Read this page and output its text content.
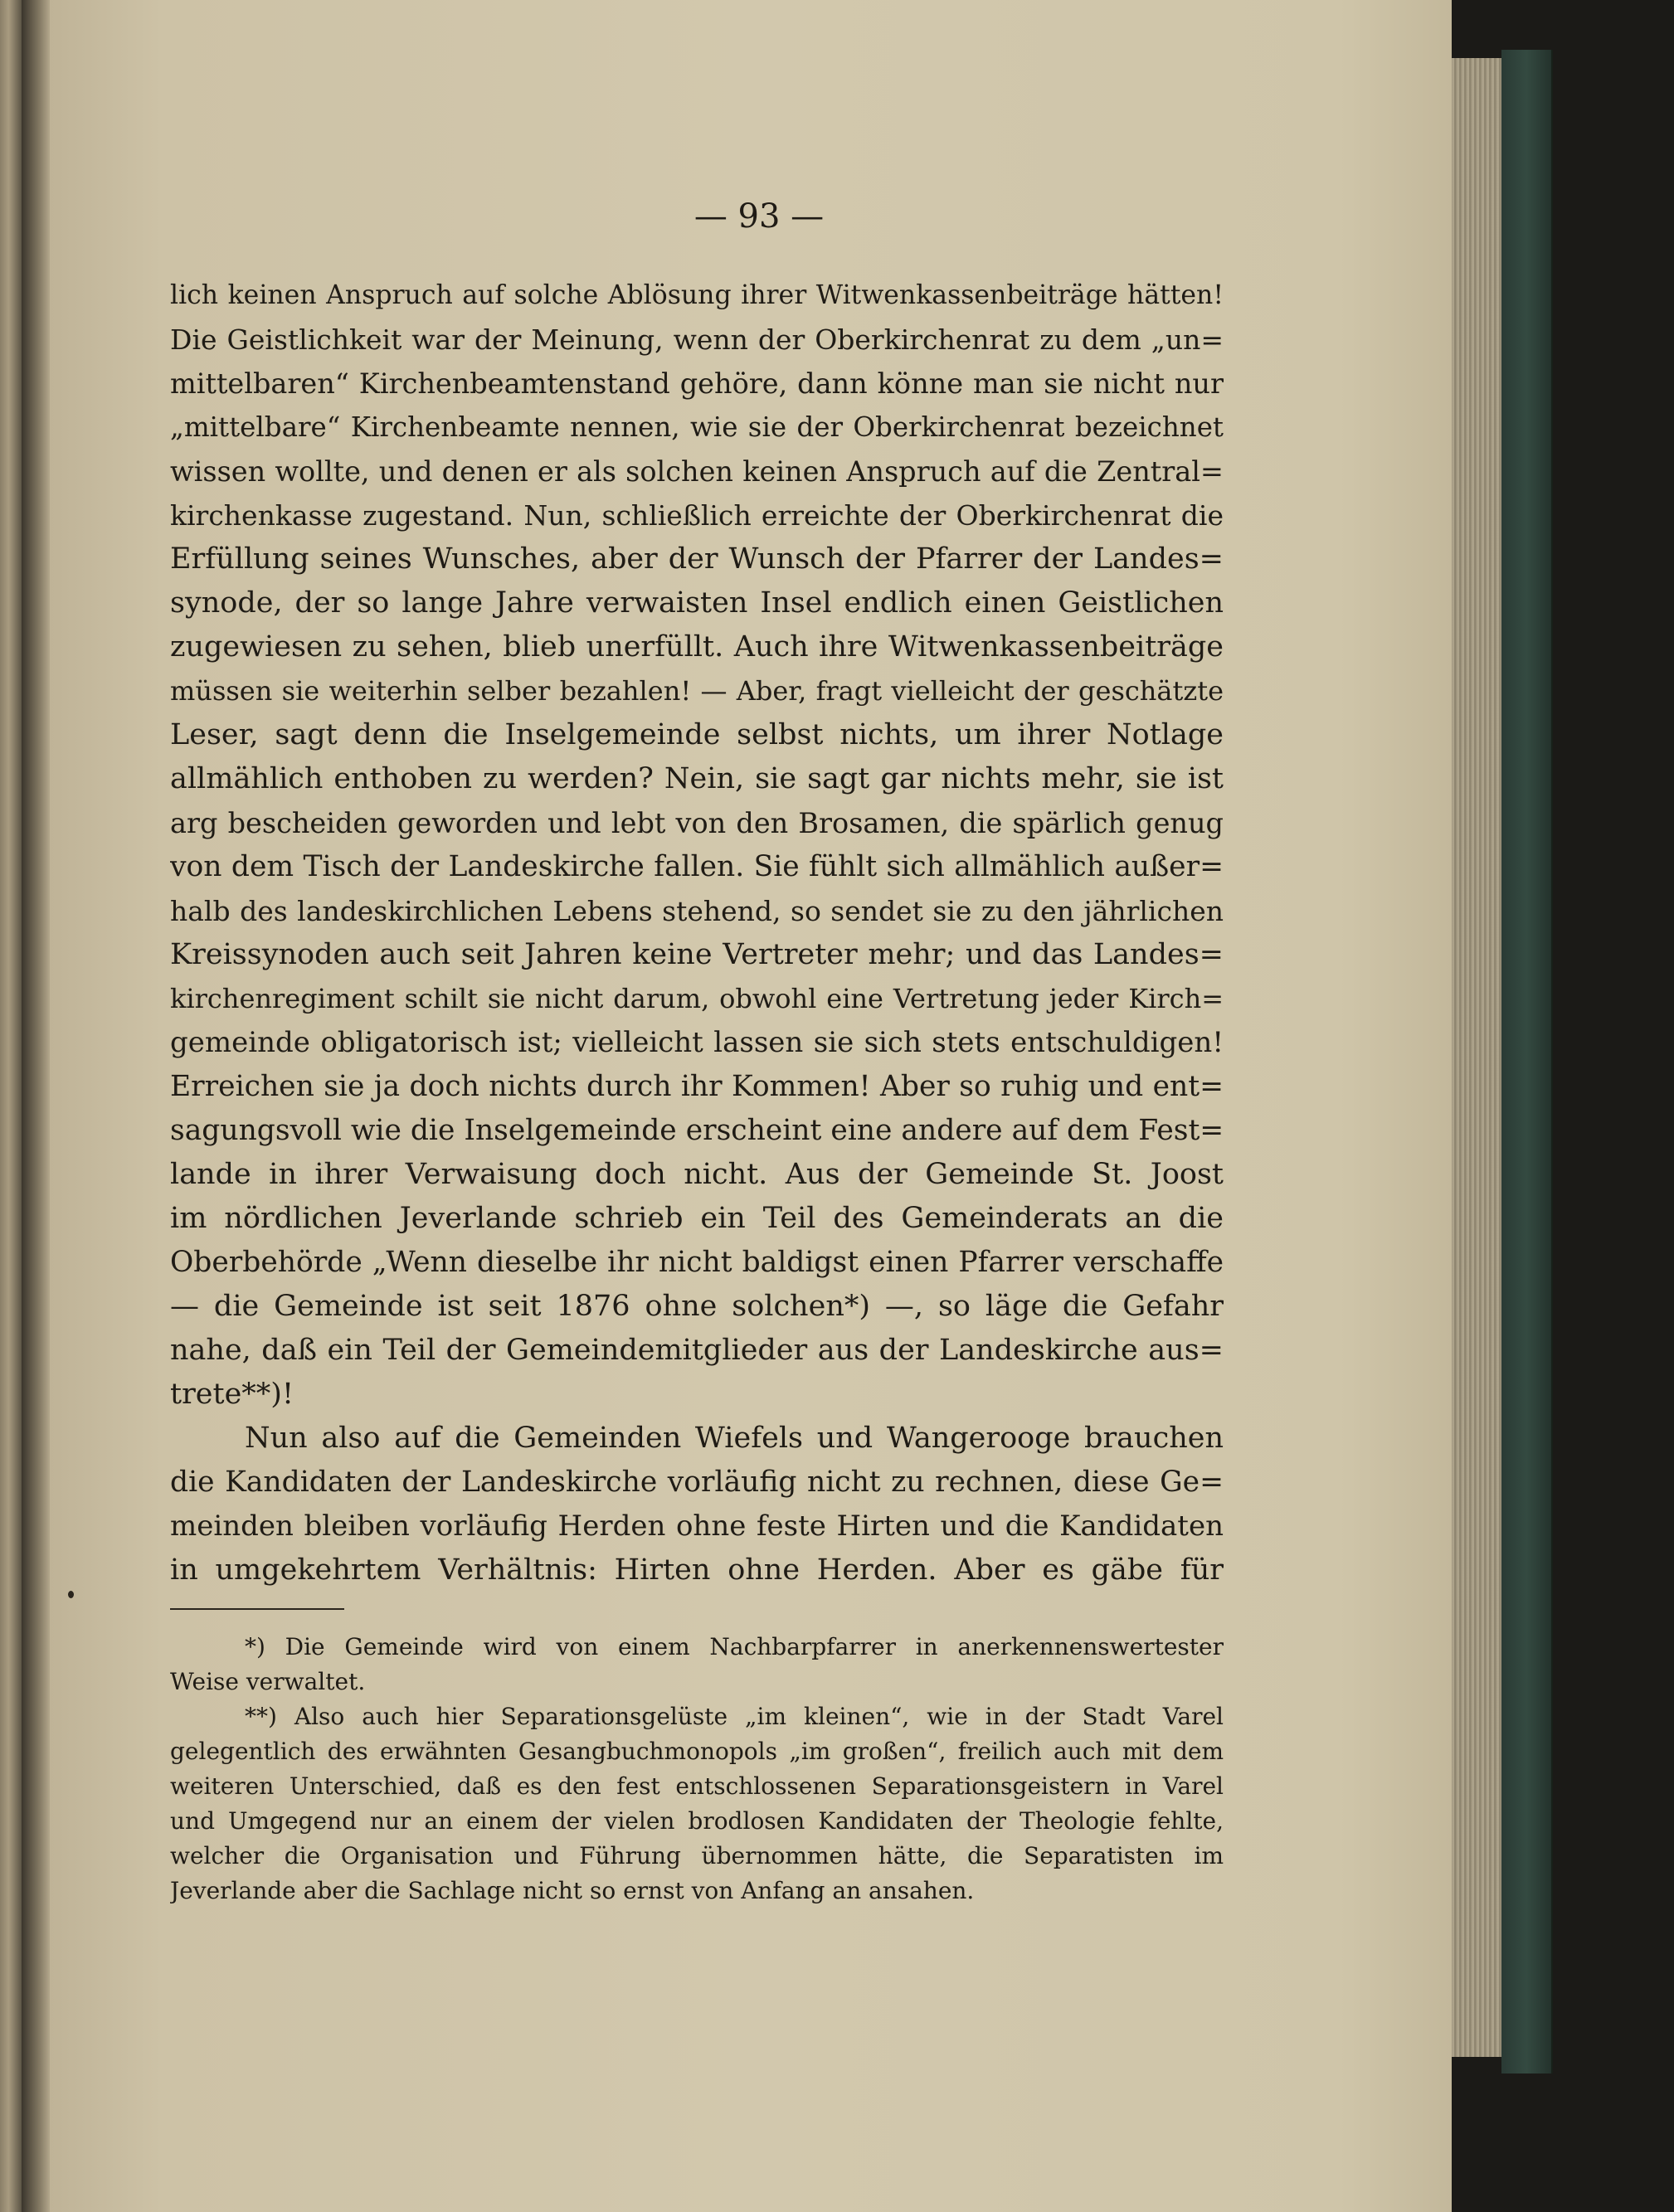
— 93 —
lich keinen Anspruch auf solche Ablösung ihrer Witwenkassenbeiträge hätten!
Die Geistlichkeit war der Meinung, wenn der Oberkirchenrat zu dem „un=
mittelbaren“ Kirchenbeamtenstand gehöre, dann könne man sie nicht nur
„mittelbare“ Kirchenbeamte nennen, wie sie der Oberkirchenrat bezeichnet
wissen wollte, und denen er als solchen keinen Anspruch auf die Zentral=
kirchenkasse zugestand. Nun, schließlich erreichte der Oberkirchenrat die
Erfüllung seines Wunsches, aber der Wunsch der Pfarrer der Landes=
synode, der so lange Jahre verwaisten Insel endlich einen Geistlichen
zugewiesen zu sehen, blieb unerfüllt. Auch ihre Witwenkassenbeiträge
müssen sie weiterhin selber bezahlen! — Aber, fragt vielleicht der geschätzte
Leser, sagt denn die Inselgemeinde selbst nichts, um ihrer Notlage
allmählich enthoben zu werden? Nein, sie sagt gar nichts mehr, sie ist
arg bescheiden geworden und lebt von den Brosamen, die spärlich genug
von dem Tisch der Landeskirche fallen. Sie fühlt sich allmählich außer=
halb des landeskirchlichen Lebens stehend, so sendet sie zu den jährlichen
Kreissynoden auch seit Jahren keine Vertreter mehr; und das Landes=
kirchenregiment schilt sie nicht darum, obwohl eine Vertretung jeder Kirch=
gemeinde obligatorisch ist; vielleicht lassen sie sich stets entschuldigen!
Erreichen sie ja doch nichts durch ihr Kommen! Aber so ruhig und ent=
sagungsvoll wie die Inselgemeinde erscheint eine andere auf dem Fest=
lande in ihrer Verwaisung doch nicht. Aus der Gemeinde St. Joost
im nördlichen Jeverlande schrieb ein Teil des Gemeinderats an die
Oberbehörde „Wenn dieselbe ihr nicht baldigst einen Pfarrer verschaffe
— die Gemeinde ist seit 1876 ohne solchen*) —, so läge die Gefahr
nahe, daß ein Teil der Gemeindemitglieder aus der Landeskirche aus=
trete**)!
Nun also auf die Gemeinden Wiefels und Wangerooge brauchen
die Kandidaten der Landeskirche vorläufig nicht zu rechnen, diese Ge=
meinden bleiben vorläufig Herden ohne feste Hirten und die Kandidaten
in umgekehrtem Verhältnis: Hirten ohne Herden. Aber es gäbe für
*) Die Gemeinde wird von einem Nachbarpfarrer in anerkennenswertester
Weise verwaltet.
**) Also auch hier Separationsgelüste „im kleinen“, wie in der Stadt Varel
gelegentlich des erwähnten Gesangbuchmonopols „im großen“, freilich auch mit dem
weiteren Unterschied, daß es den fest entschlossenen Separationsgeistern in Varel
und Umgegend nur an einem der vielen brodlosen Kandidaten der Theologie fehlte,
welcher die Organisation und Führung übernommen hätte, die Separatisten im
Jeverlande aber die Sachlage nicht so ernst von Anfang an ansahen.
